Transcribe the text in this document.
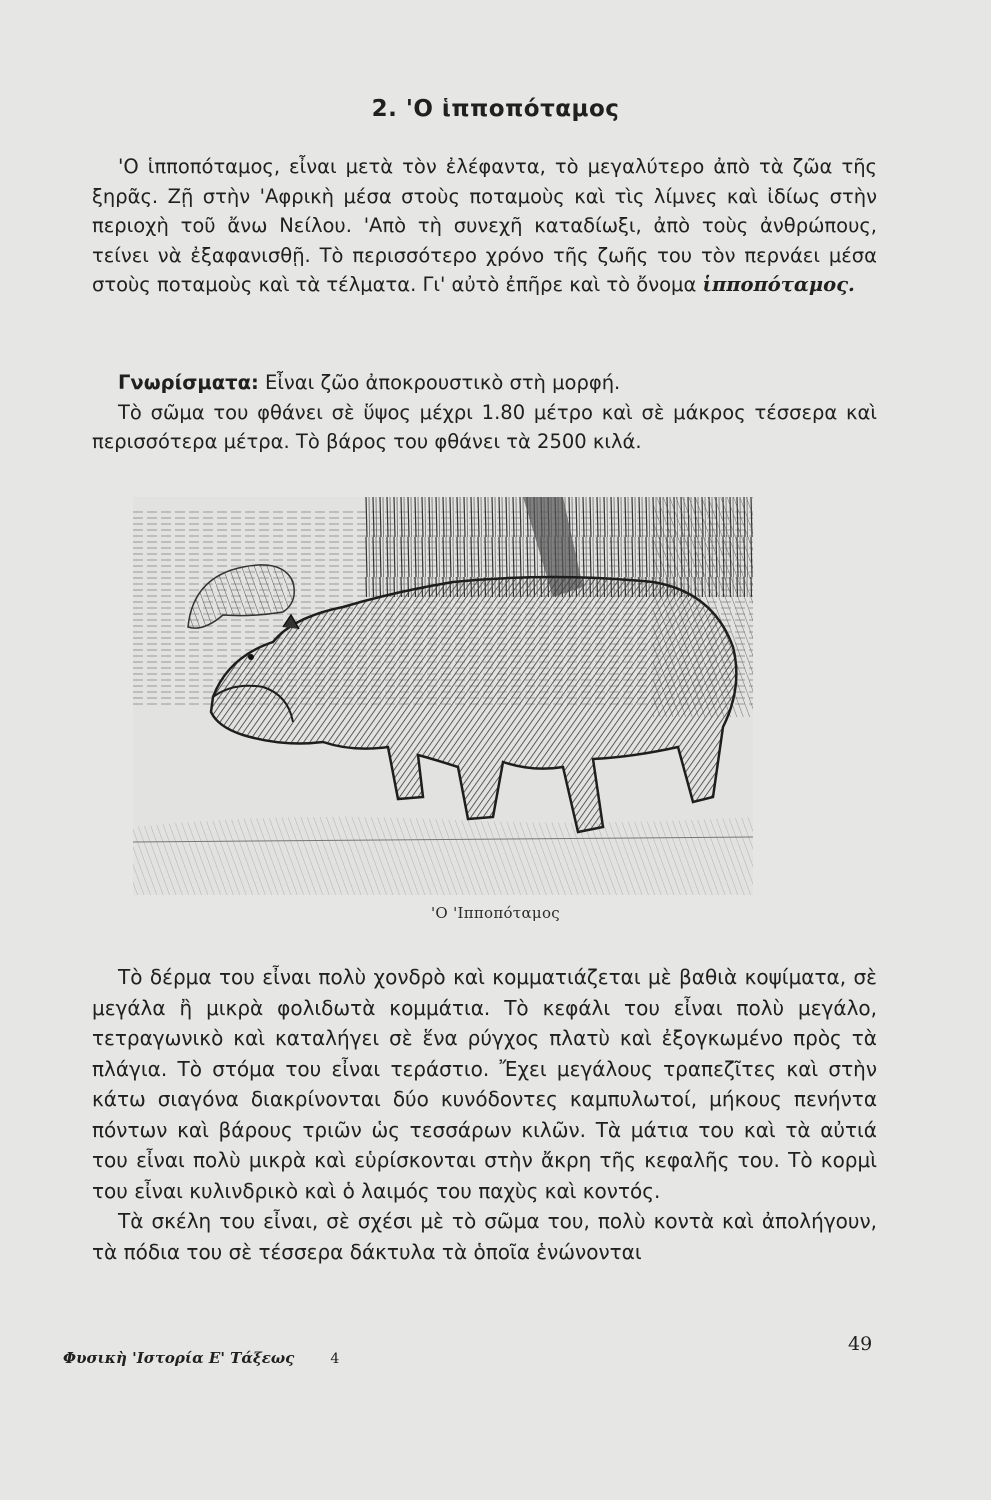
2. 'Ο ἱπποπόταμος

'Ο ἱπποπόταμος, εἶναι μετὰ τὸν ἐλέφαντα, τὸ μεγαλύτερο ἀπὸ τὰ ζῶα τῆς ξηρᾶς. Ζῇ στὴν 'Αφρικὴ μέσα στοὺς ποταμοὺς καὶ τὶς λίμνες καὶ ἰδίως στὴν περιοχὴ τοῦ ἄνω Νείλου. 'Απὸ τὴ συνεχῆ καταδίωξι, ἀπὸ τοὺς ἀνθρώπους, τείνει νὰ ἐξαφανισθῇ. Τὸ περισσότερο χρόνο τῆς ζωῆς του τὸν περνάει μέσα στοὺς ποταμοὺς καὶ τὰ τέλματα. Γι' αὐτὸ ἐπῆρε καὶ τὸ ὄνομα ἱπποπόταμος.

Γνωρίσματα: Εἶναι ζῶο ἀποκρουστικὸ στὴ μορφή.

Τὸ σῶμα του φθάνει σὲ ὕψος μέχρι 1.80 μέτρο καὶ σὲ μάκρος τέσσερα καὶ περισσότερα μέτρα. Τὸ βάρος του φθάνει τὰ 2500 κιλά.

'Ο 'Ιπποπόταμος

Τὸ δέρμα του εἶναι πολὺ χονδρὸ καὶ κομματιάζεται μὲ βαθιὰ κοψίματα, σὲ μεγάλα ἢ μικρὰ φολιδωτὰ κομμάτια. Τὸ κεφάλι του εἶναι πολὺ μεγάλο, τετραγωνικὸ καὶ καταλήγει σὲ ἕνα ρύγχος πλατὺ καὶ ἐξογκωμένο πρὸς τὰ πλάγια. Τὸ στόμα του εἶναι τεράστιο. Ἔχει μεγάλους τραπεζῖτες καὶ στὴν κάτω σιαγόνα διακρίνονται δύο κυνόδοντες καμπυλωτοί, μήκους πενήντα πόντων καὶ βάρους τριῶν ὡς τεσσάρων κιλῶν. Τὰ μάτια του καὶ τὰ αὐτιά του εἶναι πολὺ μικρὰ καὶ εὑρίσκονται στὴν ἄκρη τῆς κεφαλῆς του. Τὸ κορμὶ του εἶναι κυλινδρικὸ καὶ ὁ λαιμός του παχὺς καὶ κοντός.

Τὰ σκέλη του εἶναι, σὲ σχέσι μὲ τὸ σῶμα του, πολὺ κοντὰ καὶ ἀπολήγουν, τὰ πόδια του σὲ τέσσερα δάκτυλα τὰ ὁποῖα ἑνώνονται

Φυσικὴ 'Ιστορία Ε' Τάξεως	4
49
